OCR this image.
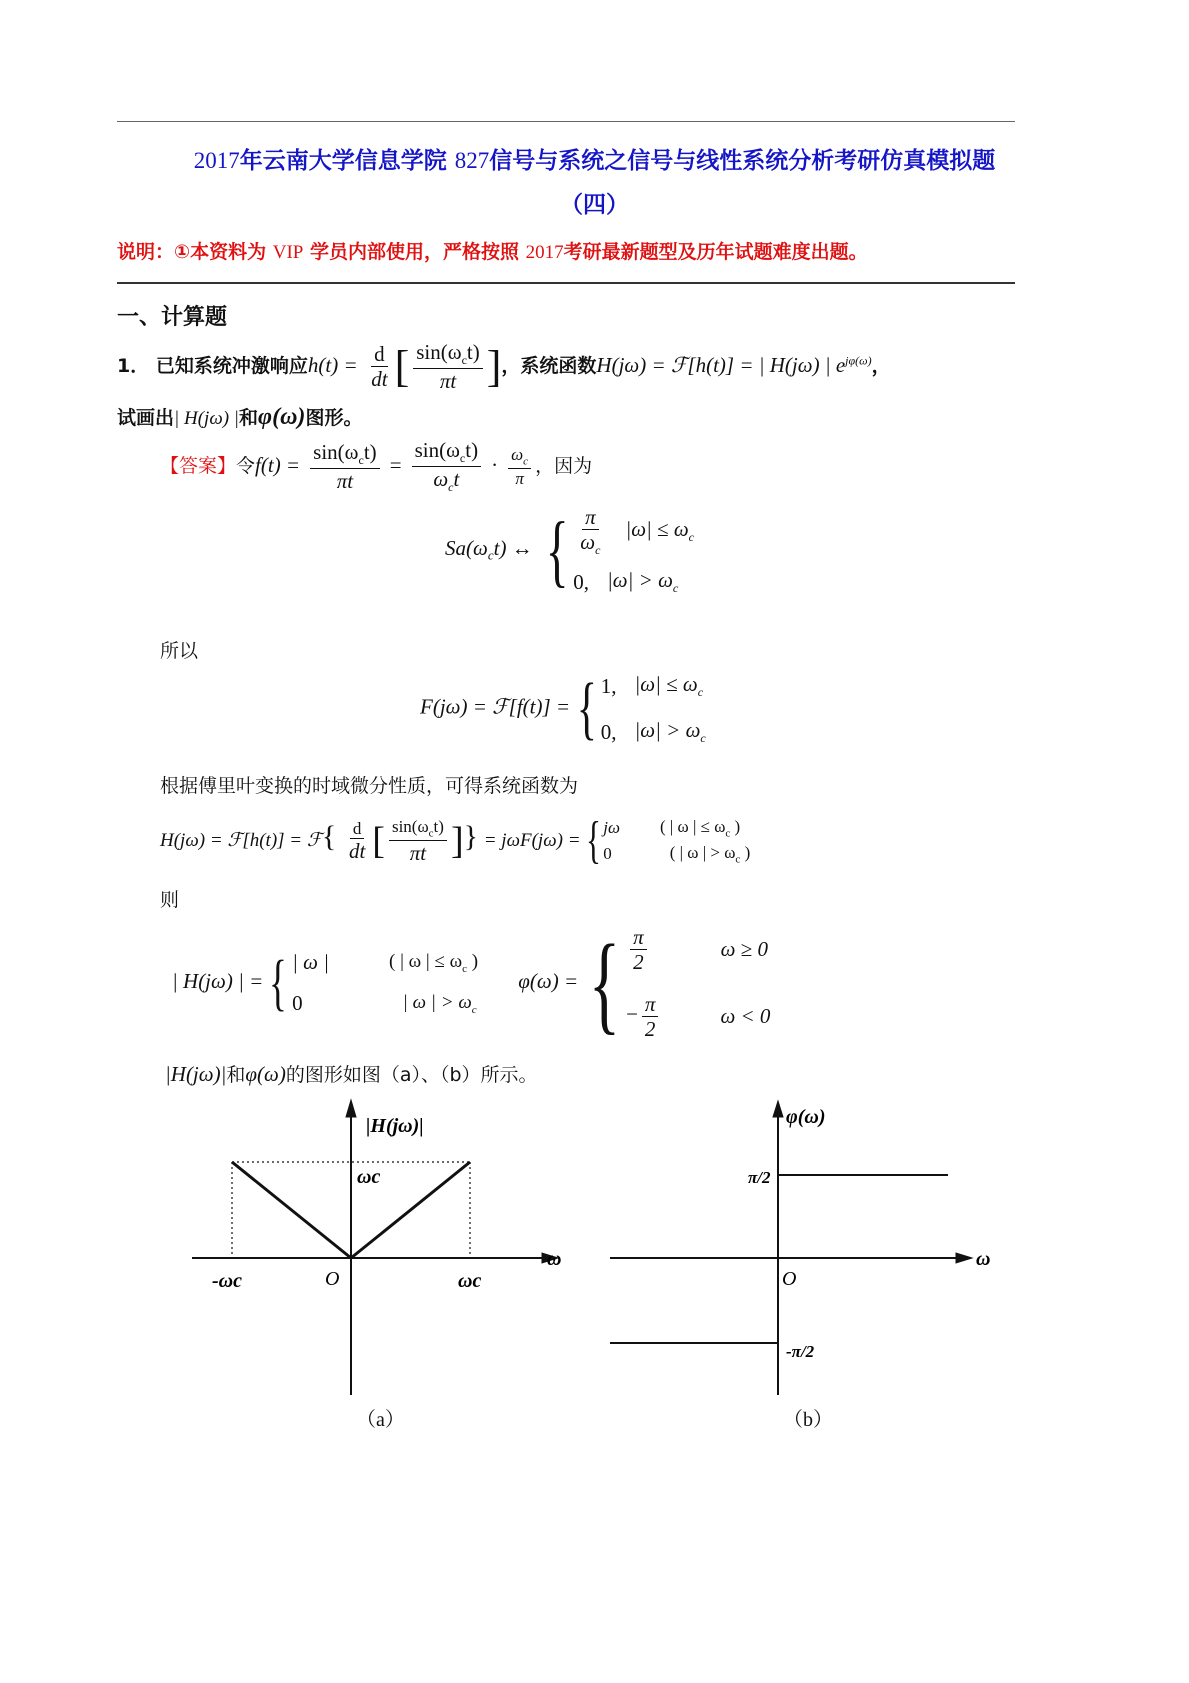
2017年云南大学信息学院 827信号与系统之信号与线性系统分析考研仿真模拟题
（四）
说明：①本资料为 VIP 学员内部使用，严格按照 2017考研最新题型及历年试题难度出题。
一、计算题
1． 已知系统冲激响应$h(t) = \frac{d}{dt}$ [ $\frac{\sin(\omega_ct)}{\pi t}$ ]，系统函数H(jω) = ℱ[h(t)] = | H(jω) | $e^{j\varphi(\omega)}$，
试画出| H(jω) |和φ(ω)图形。
【答案】令$f(t) = \frac{\sin(\omega_ct)}{\pi t} = \frac{\sin(\omega_ct)}{\omega_ct} \cdot \frac{\omega_c}{\pi}$ ，因为
$Sa(\omega_ct)$ ↔ { $\frac{\pi}{\omega_c} |\omega| \le \omega_c$
0, $|\omega| > \omega_c$
所以
F(jω) = ℱ[f(t)] ={ 1, $|\omega| \le \omega_c$
0, $|\omega| > \omega_c$
根据傅里叶变换的时域微分性质，可得系统函数为
H(jω) = ℱ[h(t)] = ℱ{ $\frac{d}{dt}$ [ $\frac{\sin(\omega_ct)}{\pi t}$ ]} = jωF(jω) ={ jω ( | ω | ≤ $\omega_c$ )
0	( | ω | > $\omega_c$ )
则
| H(jω) | ={ | ω |	( | ω | ≤ $\omega_c$ )
0	| ω | > $\omega_c$
φ(ω) ={ $\frac{\pi}{2}$	ω ≥ 0
− $\frac{\pi}{2}$	ω < 0
|H(jω)|和φ(ω)的图形如图（a）、（b）所示。
|H(jω)|
ω
O
ωc
-ωc	ωc
（a）
φ(ω)
ω
O
π/2
-π/2
（b）
